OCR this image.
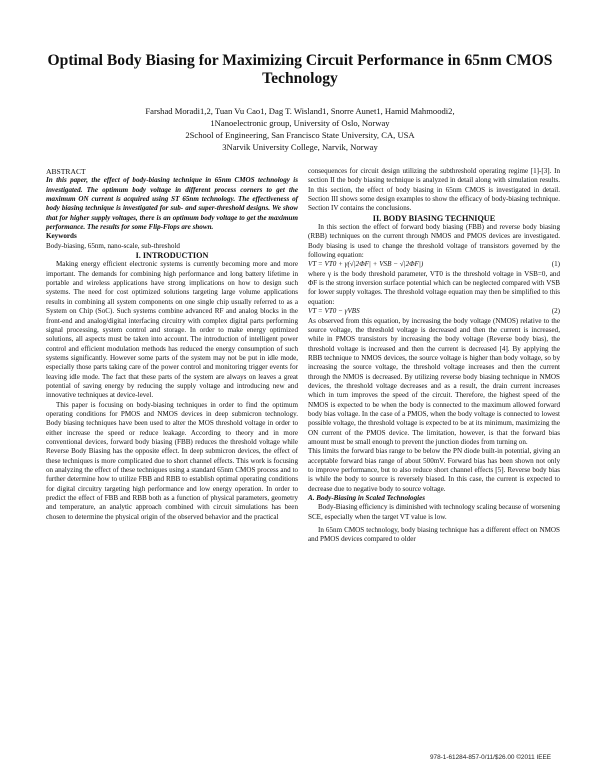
Optimal Body Biasing for Maximizing Circuit Performance in 65nm CMOS Technology
Farshad Moradi1,2, Tuan Vu Cao1, Dag T. Wisland1, Snorre Aunet1, Hamid Mahmoodi2,
1Nanoelectronic group, University of Oslo, Norway
2School of Engineering, San Francisco State University, CA, USA
3Narvik University College, Narvik, Norway

ABSTRACT

In this paper, the effect of body-biasing technique in 65nm CMOS technology is investigated. The optimum body voltage in different process corners to get the maximum ON current is acquired using ST 65nm technology. The effectiveness of body biasing technique is investigated for sub- and super-threshold designs. We show that for higher supply voltages, there is an optimum body voltage to get the maximum performance. The results for some Flip-Flops are shown.

Keywords

Body-biasing, 65nm, nano-scale, sub-threshold

I. INTRODUCTION

Making energy efficient electronic systems is currently becoming more and more important. The demands for combining high performance and long battery lifetime in portable and wireless applications have strong implications on how to design such systems. The need for cost optimized solutions targeting large volume applications results in combining all system components on one single chip usually referred to as a System on Chip (SoC). Such systems combine advanced RF and analog blocks in the front-end and analog/digital interfacing circuitry with complex digital parts performing signal processing, system control and storage. In order to make energy optimized solutions, all aspects must be taken into account. The introduction of intelligent power control and efficient modulation methods has reduced the energy consumption of such systems significantly. However some parts of the system may not be put in idle mode, especially those parts taking care of the power control and monitoring trigger events for leaving idle mode. The fact that these parts of the system are always on leaves a great potential of saving energy by reducing the supply voltage and introducing new and innovative techniques at device-level.

This paper is focusing on body-biasing techniques in order to find the optimum operating conditions for PMOS and NMOS devices in deep submicron technology. Body biasing techniques have been used to alter the MOS threshold voltage in order to either increase the speed or reduce leakage. According to theory and in more conventional devices, forward body biasing (FBB) reduces the threshold voltage while Reverse Body Biasing has the opposite effect. In deep submicron devices, the effect of these techniques is more complicated due to short channel effects. This work is focusing on analyzing the effect of these techniques using a standard 65nm CMOS process and to further determine how to utilize FBB and RBB to establish optimal operating conditions for digital circuitry targeting high performance and low energy operation. In order to predict the effect of FBB and RBB both as a function of physical parameters, geometry and temperature, an analytic approach combined with circuit simulations has been chosen to determine the physical origin of the observed behavior and the practical

consequences for circuit design utilizing the subthreshold operating regime [1]-[3]. In section II the body biasing technique is analyzed in detail along with simulation results. In this section, the effect of body biasing in 65nm CMOS is investigated in detail. Section III shows some design examples to show the efficacy of body-biasing technique. Section IV contains the conclusions.

II. BODY BIASING TECHNIQUE

In this section the effect of forward body biasing (FBB) and reverse body biasing (RBB) techniques on the current through NMOS and PMOS devices are investigated. Body biasing is used to change the threshold voltage of transistors governed by the following equation:

VT = VT0 + γ(√|2ΦF| + VSB − √|2ΦF|)	(1)

where γ is the body threshold parameter, VT0 is the threshold voltage in VSB=0, and ΦF is the strong inversion surface potential which can be neglected compared with VSB for lower supply voltages. The threshold voltage equation may then be simplified to this equation:

VT = VT0 − γVBS	(2)

As observed from this equation, by increasing the body voltage (NMOS) relative to the source voltage, the threshold voltage is decreased and then the current is increased, while in PMOS transistors by increasing the body voltage (Reverse body bias), the threshold voltage is increased and then the current is decreased [4]. By applying the RBB technique to NMOS devices, the source voltage is higher than body voltage, so by increasing the source voltage, the threshold voltage increases and then the current through the NMOS is decreased. By utilizing reverse body biasing technique in NMOS devices, the threshold voltage decreases and as a result, the drain current increases which in turn improves the speed of the circuit. Therefore, the highest speed of the NMOS is expected to be when the body is connected to the maximum allowed forward body bias voltage. In the case of a PMOS, when the body voltage is connected to lowest possible voltage, the threshold voltage is expected to be at its minimum, maximizing the ON current of the PMOS device. The limitation, however, is that the forward bias amount must be small enough to prevent the junction diodes from turning on.

This limits the forward bias range to be below the PN diode built-in potential, giving an acceptable forward bias range of about 500mV. Forward bias has been shown not only to improve performance, but to also reduce short channel effects [5]. Reverse body bias is while the body to source is reversely biased. In this case, the current is expected to decrease due to negative body to source voltage.

A. Body-Biasing in Scaled Technologies

Body-Biasing efficiency is diminished with technology scaling because of worsening SCE, especially when the target VT value is low.

In 65nm CMOS technology, body biasing technique has a different effect on NMOS and PMOS devices compared to older

978-1-61284-857-0/11/$26.00 ©2011 IEEE
